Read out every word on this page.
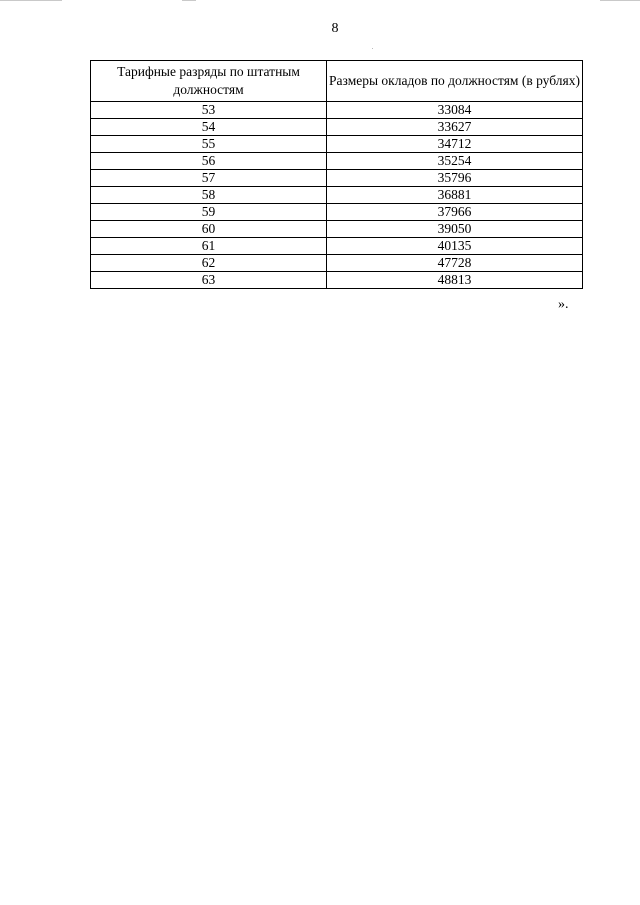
8
Тарифные разряды по штатным должностям	Размеры окладов по должностям (в рублях)
53	33084
54	33627
55	34712
56	35254
57	35796
58	36881
59	37966
60	39050
61	40135
62	47728
63	48813
».
